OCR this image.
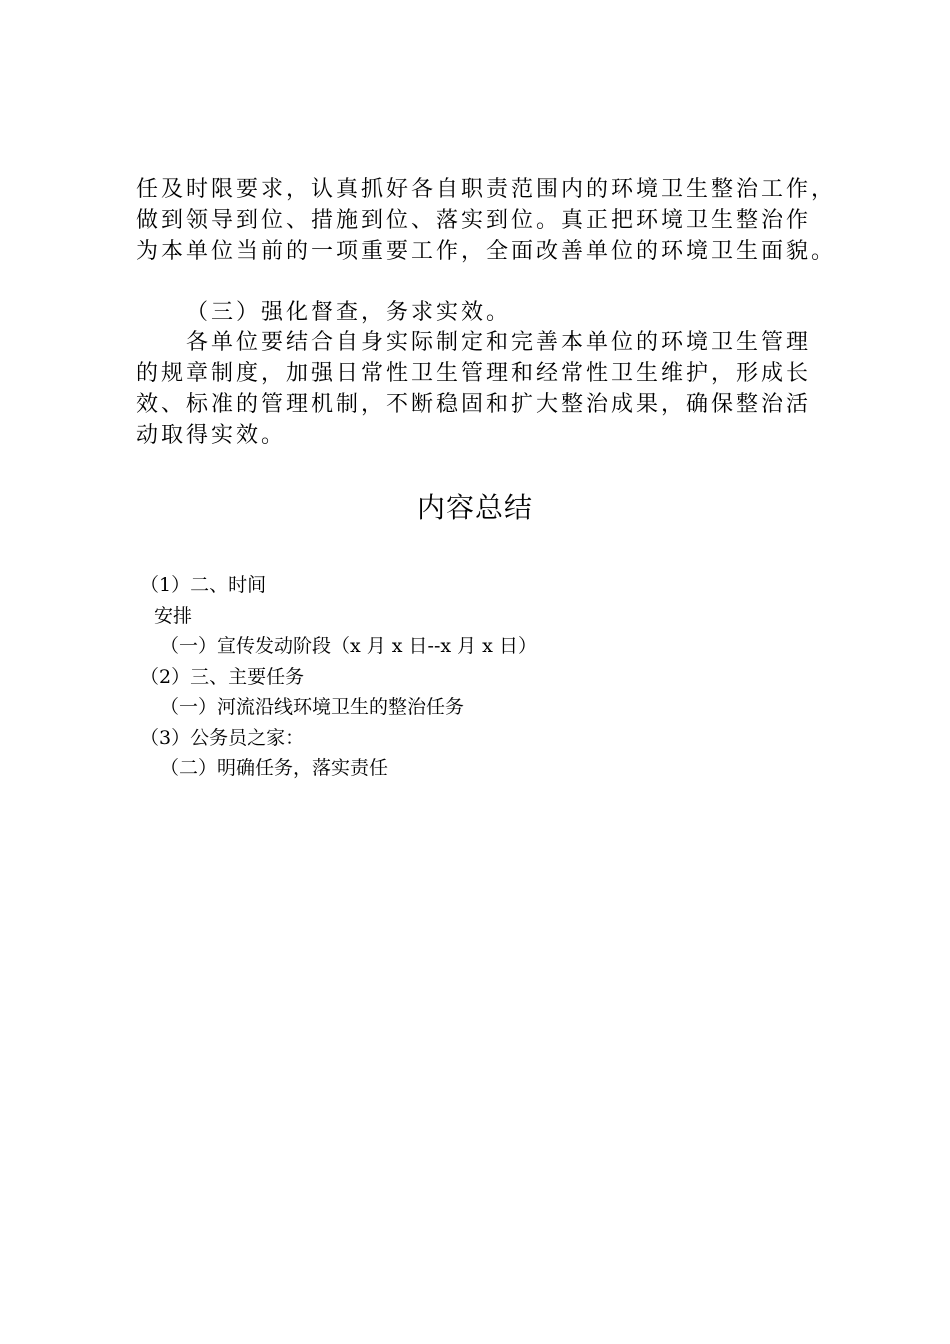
任及时限要求，认真抓好各自职责范围内的环境卫生整治工作，
做到领导到位、措施到位、落实到位。真正把环境卫生整治作
为本单位当前的一项重要工作，全面改善单位的环境卫生面貌。
（三）强化督查，务求实效。
各单位要结合自身实际制定和完善本单位的环境卫生管理
的规章制度，加强日常性卫生管理和经常性卫生维护，形成长
效、标准的管理机制，不断稳固和扩大整治成果，确保整治活
动取得实效。
内容总结
（1）二、时间
安排
（一）宣传发动阶段（x 月 x 日--x 月 x 日）
（2）三、主要任务
（一）河流沿线环境卫生的整治任务
（3）公务员之家：
（二）明确任务，落实责任
